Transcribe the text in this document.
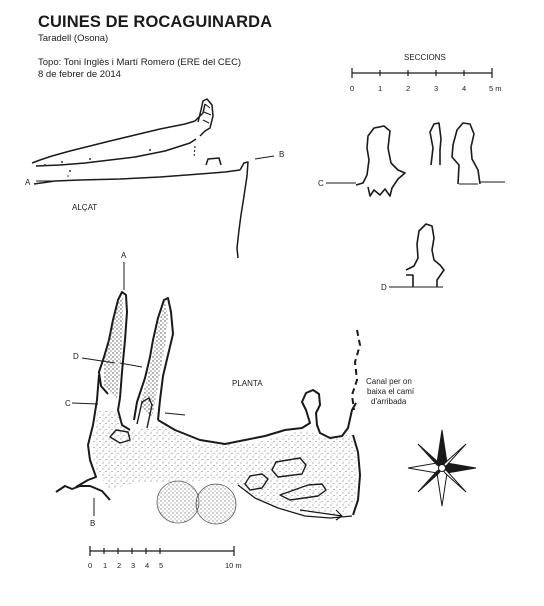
CUINES DE ROCAGUINARDA
Taradell (Osona)
Topo: Toni Inglès i Martí Romero (ERE del CEC)
8 de febrer de 2014
SECCIONS
0	1	2	3	4	5 m
A
B
ALÇAT
C
D
A
D
C
B
PLANTA	Canal per on
baixa el camí
d'arribada
0 1 2 3 4 5	10 m
